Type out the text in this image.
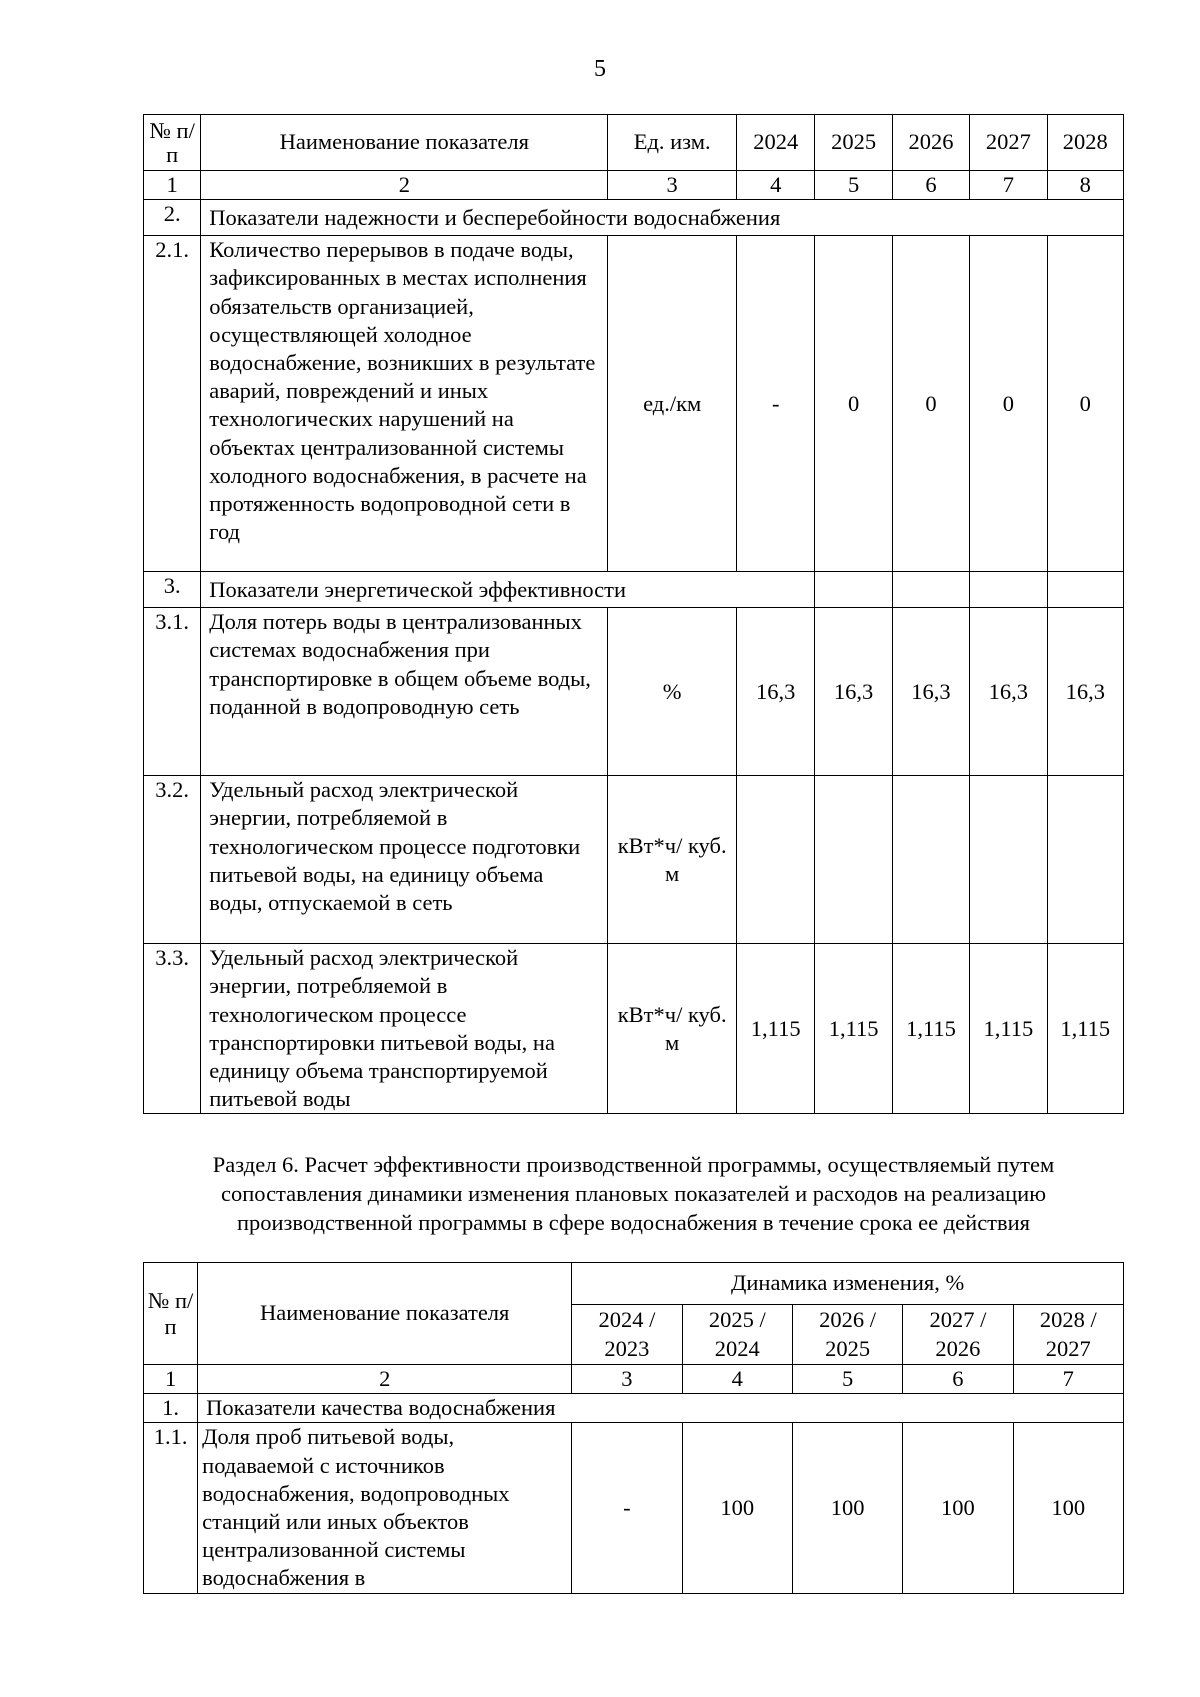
5
№ п/п	Наименование показателя	Ед. изм.	2024	2025	2026	2027	2028
1	2	3	4	5	6	7	8
2.	Показатели надежности и бесперебойности водоснабжения						
2.1.	Количество перерывов в подаче воды, зафиксированных в местах исполнения обязательств организацией, осуществляющей холодное водоснабжение, возникших в результате аварий, повреждений и иных технологических нарушений на объектах централизованной системы холодного водоснабжения, в расчете на протяженность водопроводной сети в год	ед./км	-	0	0	0	0
3.	Показатели энергетической эффективности						
3.1.	Доля потерь воды в централизованных системах водоснабжения при транспортировке в общем объеме воды, поданной в водопроводную сеть	%	16,3	16,3	16,3	16,3	16,3
3.2.	Удельный расход электрической энергии, потребляемой в технологическом процессе подготовки питьевой воды, на единицу объема воды, отпускаемой в сеть	кВт*ч/ куб. м					
3.3.	Удельный расход электрической энергии, потребляемой в технологическом процессе транспортировки питьевой воды, на единицу объема транспортируемой питьевой воды	кВт*ч/ куб. м	1,115	1,115	1,115	1,115	1,115
Раздел 6. Расчет эффективности производственной программы, осуществляемый путем сопоставления динамики изменения плановых показателей и расходов на реализацию производственной программы в сфере водоснабжения в течение срока ее действия
№ п/п	Наименование показателя	Динамика изменения, %				
		2024 / 2023	2025 / 2024	2026 / 2025	2027 / 2026	2028 / 2027
1	2	3	4	5	6	7
1.	Показатели качества водоснабжения					
1.1.	Доля проб питьевой воды, подаваемой с источников водоснабжения, водопроводных станций или иных объектов централизованной системы водоснабжения в	-	100	100	100	100
